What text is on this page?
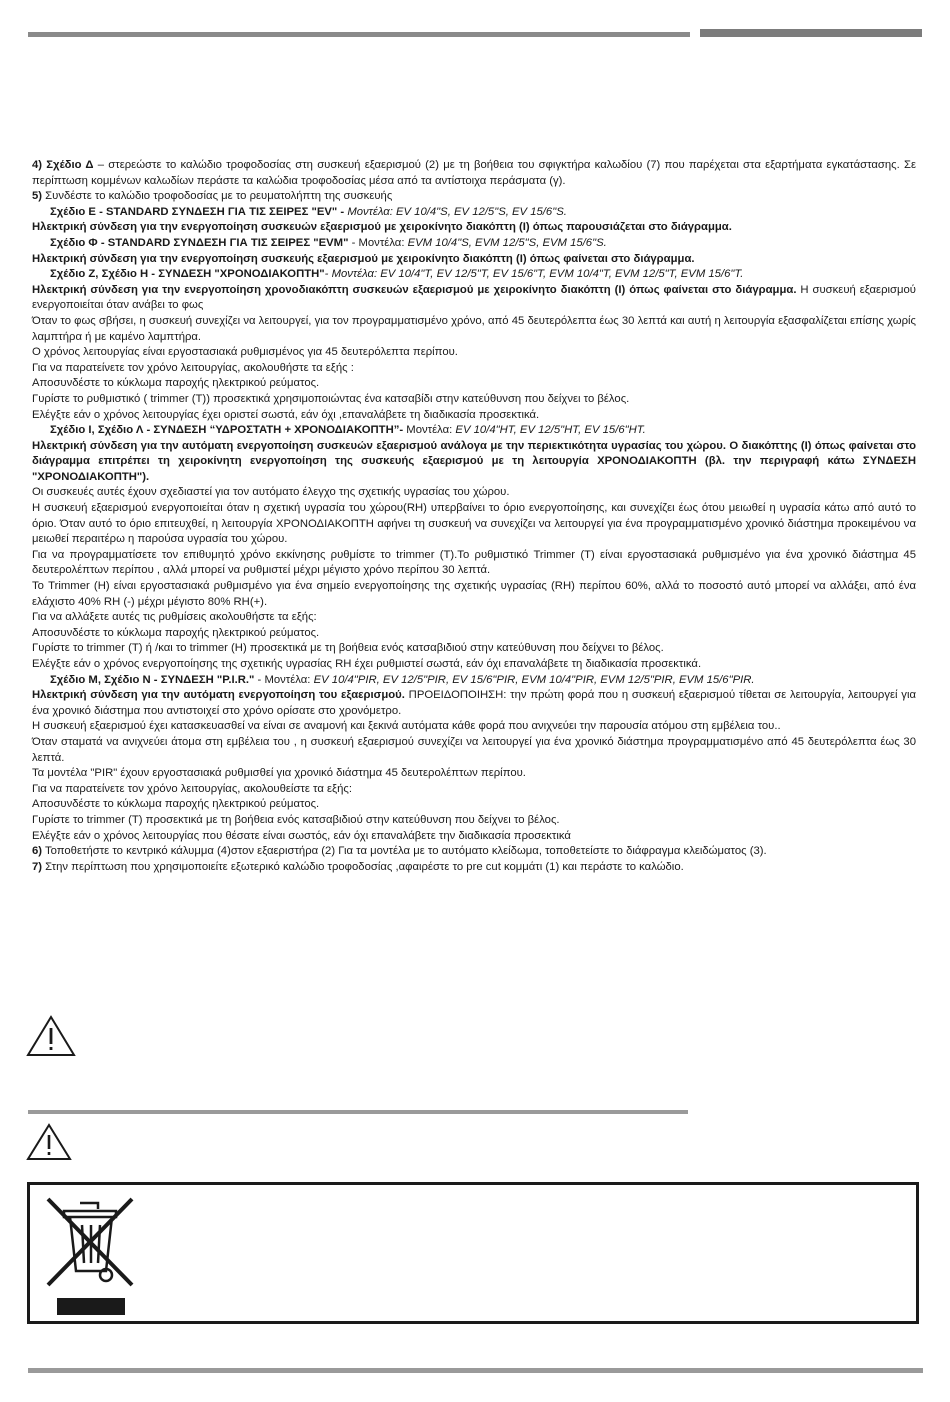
4) Σχέδιο Δ – στερεώστε το καλώδιο τροφοδοσίας στη συσκευή εξαερισμού (2) με τη βοήθεια του σφιγκτήρα καλωδίου (7) που παρέχεται στα εξαρτήματα εγκατάστασης. Σε περίπτωση κομμένων καλωδίων περάστε τα καλώδια τροφοδοσίας μέσα από τα αντίστοιχα περάσματα (γ).

5) Συνδέστε το καλώδιο τροφοδοσίας με το ρευματολήπτη της συσκευής

Σχέδιο Ε - STANDARD ΣΥΝΔΕΣΗ ΓΙΑ ΤΙΣ ΣΕΙΡΕΣ "EV" - Μοντέλα: EV 10/4"S, EV 12/5"S, EV 15/6"S.

Ηλεκτρική σύνδεση για την ενεργοποίηση συσκευών εξαερισμού με χειροκίνητο διακόπτη (I) όπως παρουσιάζεται στο διάγραμμα.

Σχέδιο Φ - STANDARD ΣΥΝΔΕΣΗ ΓΙΑ ΤΙΣ ΣΕΙΡΕΣ "EVM" - Μοντέλα: EVM 10/4"S, EVM 12/5"S, EVM 15/6"S.

Ηλεκτρική σύνδεση για την ενεργοποίηση συσκευής εξαερισμού με χειροκίνητο διακόπτη (I) όπως φαίνεται στο διάγραμμα.

Σχέδιο Ζ, Σχέδιο Η - ΣΥΝΔΕΣΗ "ΧΡΟΝΟΔΙΑΚΟΠΤΗ"- Μοντέλα: EV 10/4"T, EV 12/5"T, EV 15/6"T, EVM 10/4"T, EVM 12/5"T, EVM 15/6"T.

Ηλεκτρική σύνδεση για την ενεργοποίηση χρονοδιακόπτη συσκευών εξαερισμού με χειροκίνητο διακόπτη (I) όπως φαίνεται στο διάγραμμα. Η συσκευή εξαερισμού ενεργοποιείται όταν ανάβει το φως

Όταν το φως σβήσει, η συσκευή συνεχίζει να λειτουργεί, για τον προγραμματισμένο χρόνο, από 45 δευτερόλεπτα έως 30 λεπτά και αυτή η λειτουργία εξασφαλίζεται επίσης χωρίς λαμπτήρα ή με καμένο λαμπτήρα.

Ο χρόνος λειτουργίας είναι εργοστασιακά ρυθμισμένος για 45 δευτερόλεπτα περίπου.

Για να παρατείνετε τον χρόνο λειτουργίας, ακολουθήστε τα εξής :

Αποσυνδέστε το κύκλωμα παροχής ηλεκτρικού ρεύματος.

Γυρίστε το ρυθμιστικό ( trimmer (T)) προσεκτικά χρησιμοποιώντας ένα κατσαβίδι στην κατεύθυνση που δείχνει το βέλος.

Ελέγξτε εάν ο χρόνος λειτουργίας έχει οριστεί σωστά, εάν όχι ,επαναλάβετε τη διαδικασία προσεκτικά.

Σχέδιο Ι, Σχέδιο Λ - ΣΥΝΔΕΣΗ “ΥΔΡΟΣΤΑΤΗ + ΧΡΟΝΟΔΙΑΚΟΠΤΗ”- Μοντέλα: EV 10/4"HT, EV 12/5"HT, EV 15/6"HT.

Ηλεκτρική σύνδεση για την αυτόματη ενεργοποίηση συσκευών εξαερισμού ανάλογα με την περιεκτικότητα υγρασίας του χώρου. Ο διακόπτης (I) όπως φαίνεται στο διάγραμμα επιτρέπει τη χειροκίνητη ενεργοποίηση της συσκευής εξαερισμού με τη λειτουργία ΧΡΟΝΟΔΙΑΚΟΠΤΗ (βλ. την περιγραφή κάτω ΣΥΝΔΕΣΗ "ΧΡΟΝΟΔΙΑΚΟΠΤΗ").

Οι συσκευές αυτές έχουν σχεδιαστεί για τον αυτόματο έλεγχο της σχετικής υγρασίας του χώρου.

Η συσκευή εξαερισμού ενεργοποιείται όταν η σχετική υγρασία του χώρου(RH) υπερβαίνει το όριο ενεργοποίησης, και συνεχίζει έως ότου μειωθεί η υγρασία κάτω από αυτό το όριο. Όταν αυτό το όριο επιτευχθεί, η λειτουργία ΧΡΟΝΟΔΙΑΚΟΠΤΗ αφήνει τη συσκευή να συνεχίζει να λειτουργεί για ένα προγραμματισμένο χρονικό διάστημα προκειμένου να μειωθεί περαιτέρω η παρούσα υγρασία του χώρου.

Για να προγραμματίσετε τον επιθυμητό χρόνο εκκίνησης ρυθμίστε το trimmer (T).Το ρυθμιστικό Trimmer (T) είναι εργοστασιακά ρυθμισμένο για ένα χρονικό διάστημα 45 δευτερολέπτων περίπου , αλλά μπορεί να ρυθμιστεί μέχρι μέγιστο χρόνο περίπου 30 λεπτά.

Το Trimmer (H) είναι εργοστασιακά ρυθμισμένο για ένα σημείο ενεργοποίησης της σχετικής υγρασίας (RH) περίπου 60%, αλλά το ποσοστό αυτό μπορεί να αλλάξει, από ένα ελάχιστο 40% RH (-) μέχρι μέγιστο 80% RH(+).

Για να αλλάξετε αυτές τις ρυθμίσεις ακολουθήστε τα εξής:

Αποσυνδέστε το κύκλωμα παροχής ηλεκτρικού ρεύματος.

Γυρίστε το trimmer (T) ή /και το trimmer (H) προσεκτικά με τη βοήθεια ενός κατσαβιδιού στην κατεύθυνση που δείχνει το βέλος.

Ελέγξτε εάν ο χρόνος ενεργοποίησης της σχετικής υγρασίας RH έχει ρυθμιστεί σωστά, εάν όχι επαναλάβετε τη διαδικασία προσεκτικά.

Σχέδιο Μ, Σχέδιο Ν - ΣΥΝΔΕΣΗ "P.I.R." - Μοντέλα: EV 10/4"PIR, EV 12/5"PIR, EV 15/6"PIR, EVM 10/4"PIR, EVM 12/5"PIR, EVM 15/6"PIR.

Ηλεκτρική σύνδεση για την αυτόματη ενεργοποίηση του εξαερισμού. ΠΡΟΕΙΔΟΠΟΙΗΣΗ: την πρώτη φορά που η συσκευή εξαερισμού τίθεται σε λειτουργία, λειτουργεί για ένα χρονικό διάστημα που αντιστοιχεί στο χρόνο ορίσατε στο χρονόμετρο.

Η συσκευή εξαερισμού έχει κατασκευασθεί να είναι σε αναμονή και ξεκινά αυτόματα κάθε φορά που ανιχνεύει την παρουσία ατόμου στη εμβέλεια του..

Όταν σταματά να ανιχνεύει άτομα στη εμβέλεια του , η συσκευή εξαερισμού συνεχίζει να λειτουργεί για ένα χρονικό διάστημα προγραμματισμένο από 45 δευτερόλεπτα έως 30 λεπτά.

Τα μοντέλα "PIR" έχουν εργοστασιακά ρυθμισθεί για χρονικό διάστημα 45 δευτερολέπτων περίπου.

Για να παρατείνετε τον χρόνο λειτουργίας, ακολουθείστε τα εξής:

Αποσυνδέστε το κύκλωμα παροχής ηλεκτρικού ρεύματος.

Γυρίστε το trimmer (T) προσεκτικά με τη βοήθεια ενός κατσαβιδιού στην κατεύθυνση που δείχνει το βέλος.

Ελέγξτε εάν ο χρόνος λειτουργίας που θέσατε είναι σωστός, εάν όχι επαναλάβετε την διαδικασία προσεκτικά

6) Τοποθετήστε το κεντρικό κάλυμμα (4)στον εξαεριστήρα (2) Για τα μοντέλα με το αυτόματο κλείδωμα, τοποθετείστε το διάφραγμα κλειδώματος (3).

7) Στην περίπτωση που χρησιμοποιείτε εξωτερικό καλώδιο τροφοδοσίας ,αφαιρέστε το pre cut κομμάτι (1) και περάστε το καλώδιο.
